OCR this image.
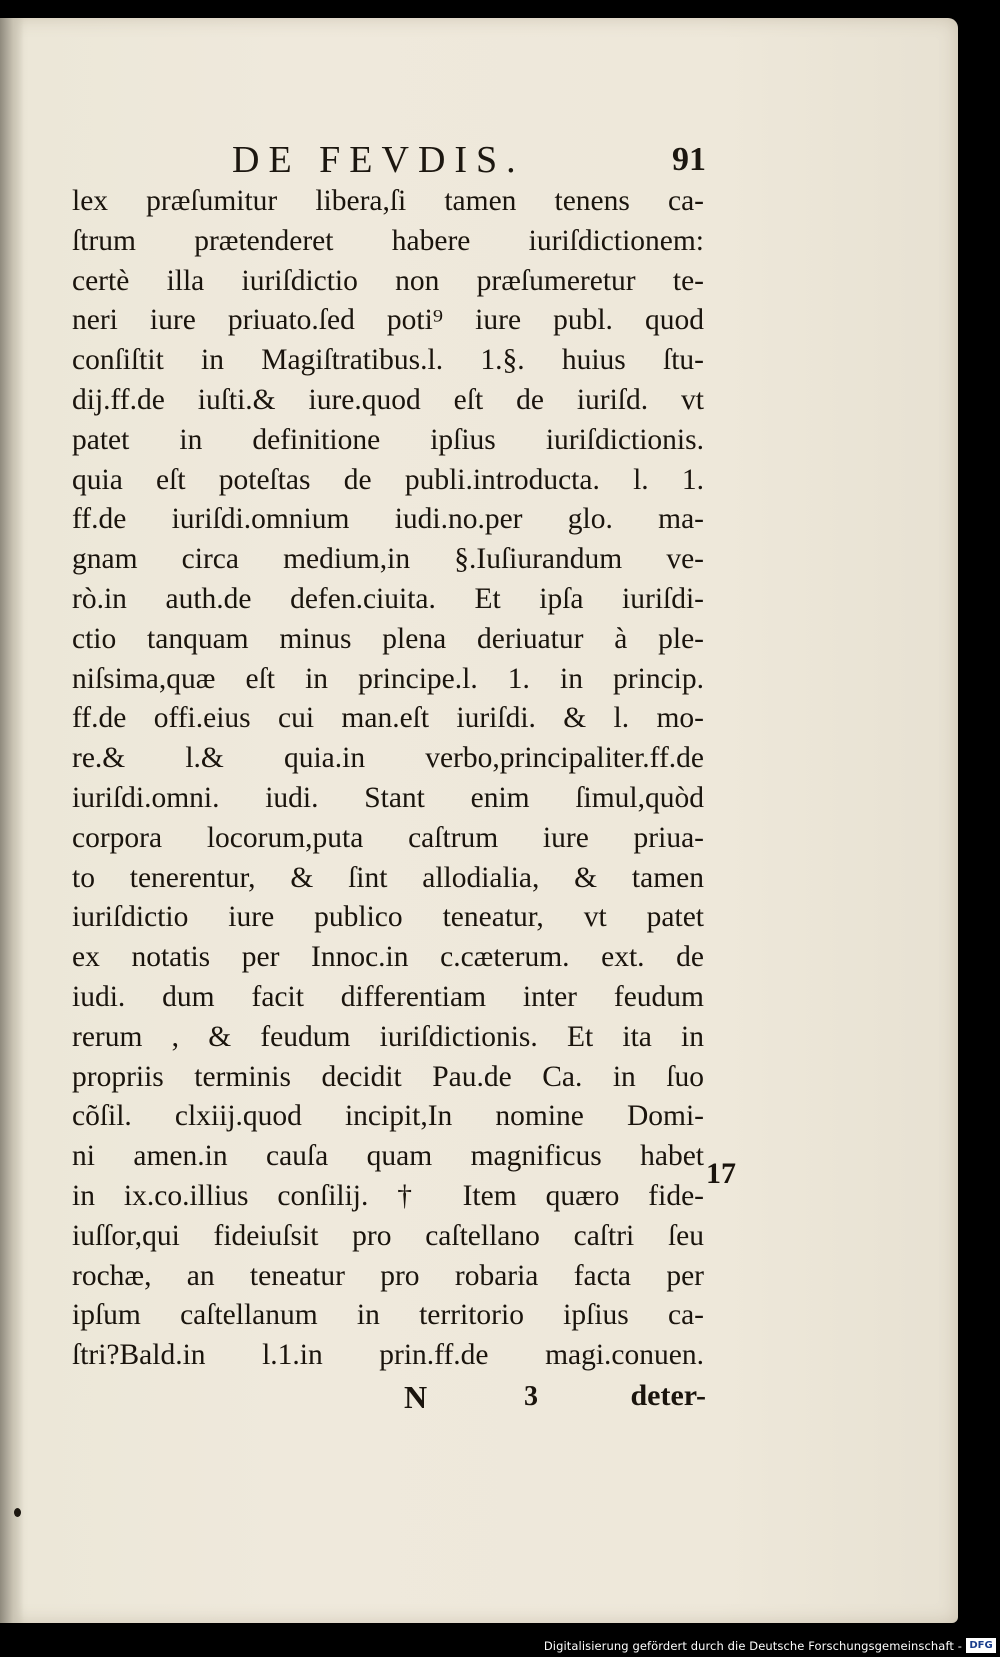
DE FEVDIS.	91
lex præſumitur libera,ſi tamen tenens ca-
ſtrum prætenderet habere iuriſdictionem:
certè illa iuriſdictio non præſumeretur te-
neri iure priuato.ſed poti⁹ iure publ. quod
conſiſtit in Magiſtratibus.l. 1.§. huius ſtu-
dij.ff.de iuſti.& iure.quod eſt de iuriſd. vt
patet in definitione ipſius iuriſdictionis.
quia eſt poteſtas de publi.introducta. l. 1.
ff.de iuriſdi.omnium iudi.no.per glo. ma-
gnam circa medium,in §.Iuſiurandum ve-
rò.in auth.de defen.ciuita. Et ipſa iuriſdi-
ctio tanquam minus plena deriuatur à ple-
niſsima,quæ eſt in principe.l. 1. in princip.
ff.de offi.eius cui man.eſt iuriſdi. & l. mo-
re.& l.& quia.in verbo,principaliter.ff.de
iuriſdi.omni. iudi. Stant enim ſimul,quòd
corpora locorum,puta caſtrum iure priua-
to tenerentur, & ſint allodialia, & tamen
iuriſdictio iure publico teneatur, vt patet
ex notatis per Innoc.in c.cæterum. ext. de
iudi. dum facit differentiam inter feudum
rerum , & feudum iuriſdictionis. Et ita in
propriis terminis decidit Pau.de Ca. in ſuo
cõſil. clxiij.quod incipit,In nomine Domi-
ni amen.in cauſa quam magnificus habet
in ix.co.illius conſilij. † Item quæro fide-
iuſſor,qui fideiuſsit pro caſtellano caſtri ſeu
rochæ, an teneatur pro robaria facta per
ipſum caſtellanum in territorio ipſius ca-
ſtri?Bald.in l.1.in prin.ff.de magi.conuen.
17
N	3	deter-
Digitalisierung gefördert durch die Deutsche Forschungsgemeinschaft - DFG
